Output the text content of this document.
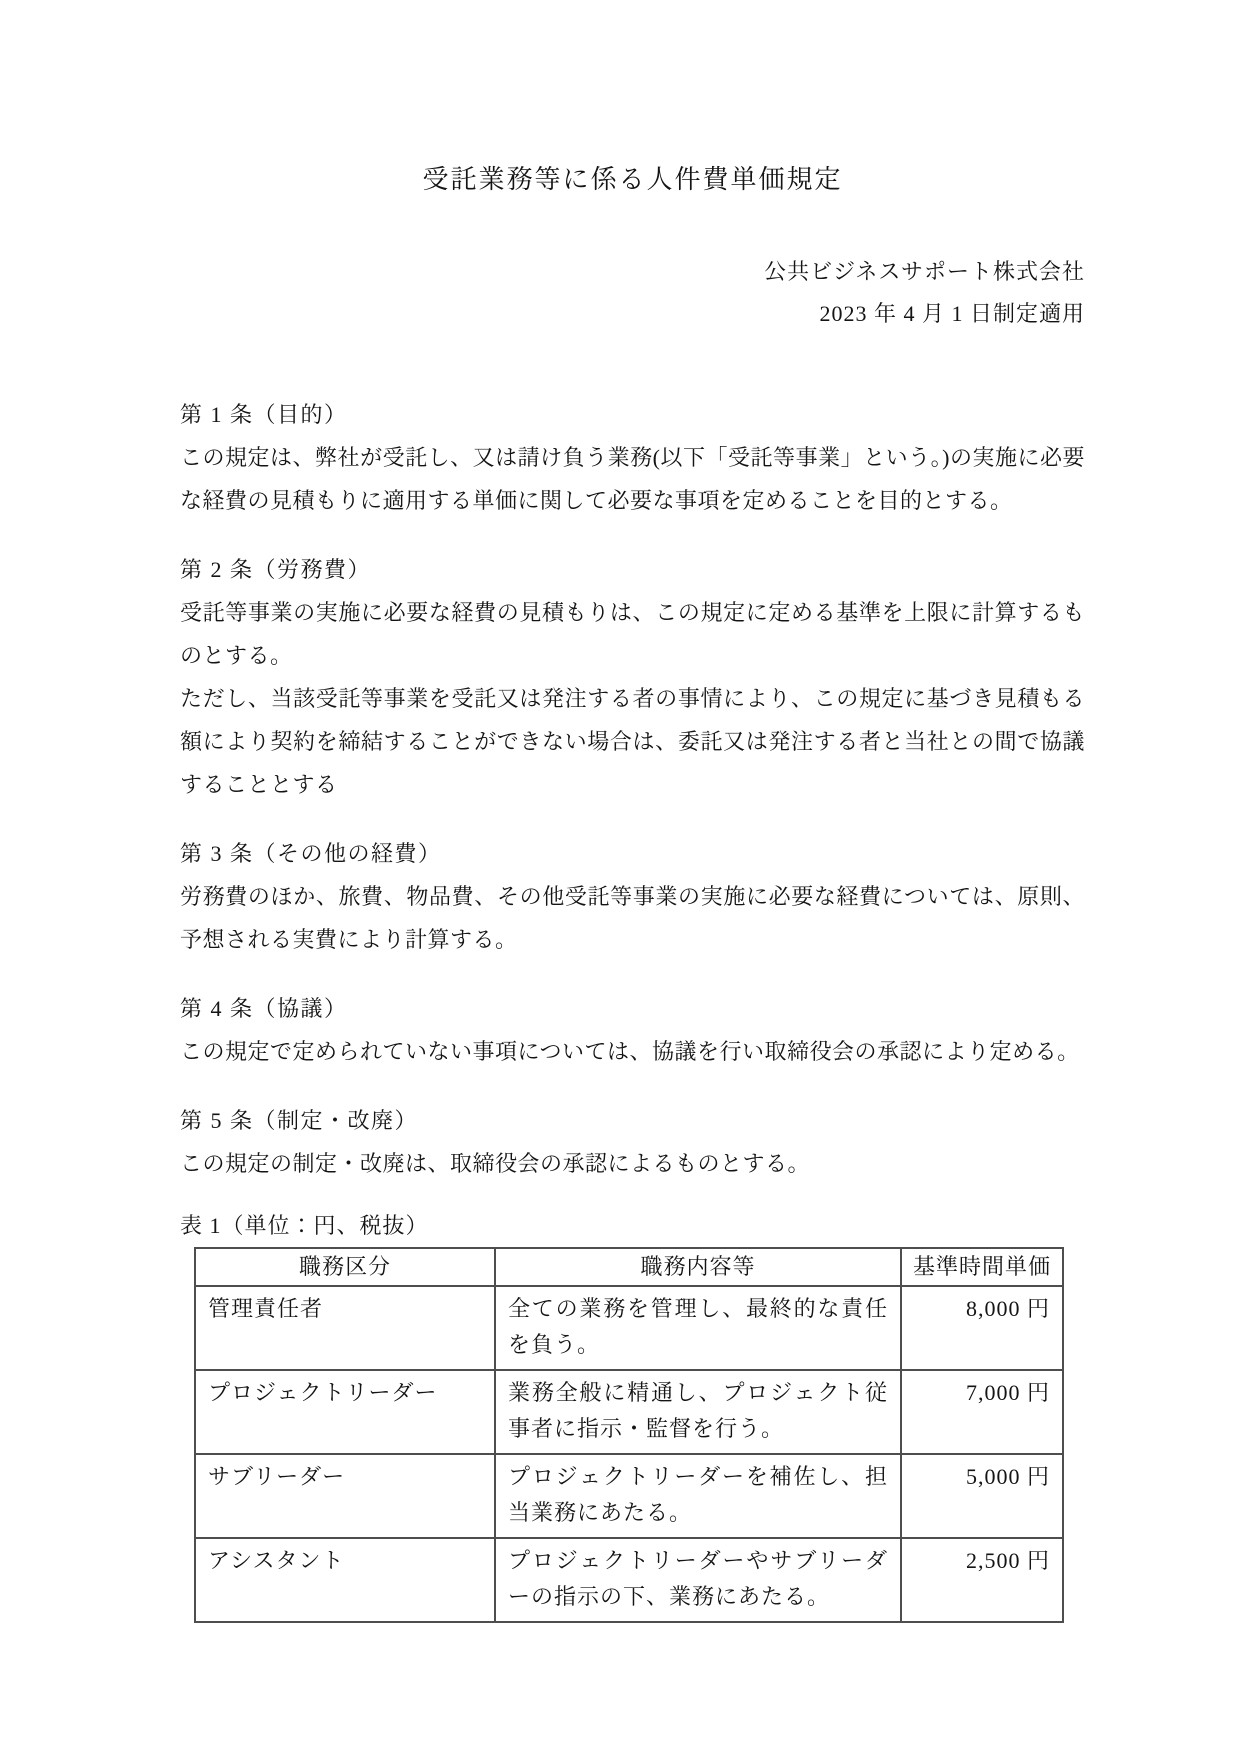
受託業務等に係る人件費単価規定
公共ビジネスサポート株式会社
2023 年 4 月 1 日制定適用
第 1 条（目的）

この規定は、弊社が受託し、又は請け負う業務(以下「受託等事業」という。)の実施に必要な経費の見積もりに適用する単価に関して必要な事項を定めることを目的とする。

第 2 条（労務費）

受託等事業の実施に必要な経費の見積もりは、この規定に定める基準を上限に計算するものとする。

ただし、当該受託等事業を受託又は発注する者の事情により、この規定に基づき見積もる額により契約を締結することができない場合は、委託又は発注する者と当社との間で協議することとする

第 3 条（その他の経費）

労務費のほか、旅費、物品費、その他受託等事業の実施に必要な経費については、原則、予想される実費により計算する。

第 4 条（協議）

この規定で定められていない事項については、協議を行い取締役会の承認により定める。

第 5 条（制定・改廃）

この規定の制定・改廃は、取締役会の承認によるものとする。

表 1（単位：円、税抜）
職務区分	職務内容等	基準時間単価
管理責任者	全ての業務を管理し、最終的な責任を負う。	8,000 円
プロジェクトリーダー	業務全般に精通し、プロジェクト従事者に指示・監督を行う。	7,000 円
サブリーダー	プロジェクトリーダーを補佐し、担当業務にあたる。	5,000 円
アシスタント	プロジェクトリーダーやサブリーダーの指示の下、業務にあたる。	2,500 円
